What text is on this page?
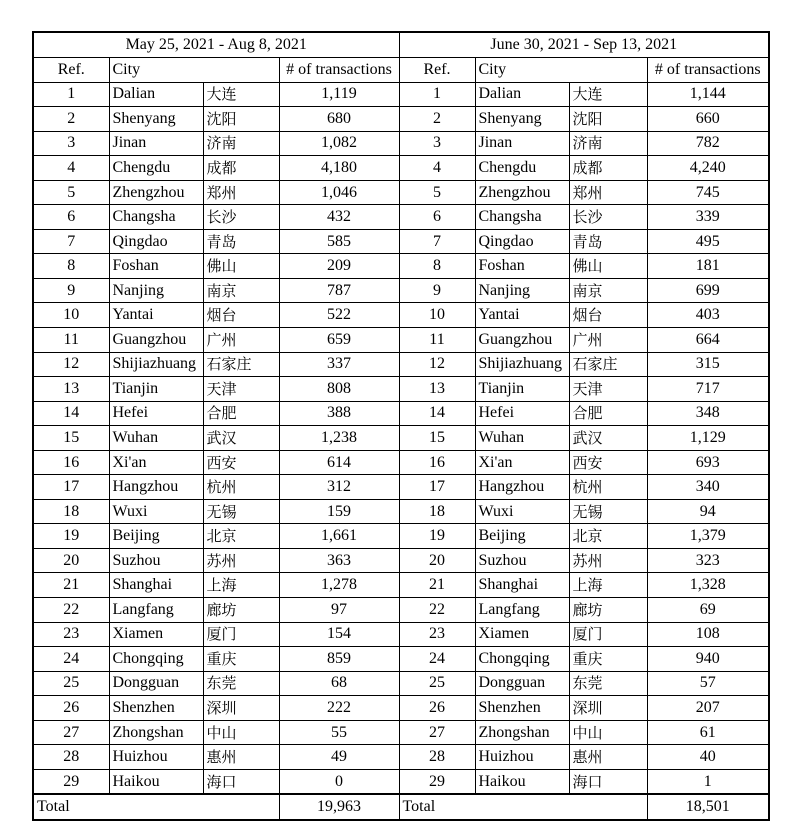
May 25, 2021 - Aug 8, 2021				June 30, 2021 - Sep 13, 2021			
Ref.	City		# of transactions	Ref.	City		# of transactions
1	Dalian	大连	1,119	1	Dalian	大连	1,144
2	Shenyang	沈阳	680	2	Shenyang	沈阳	660
3	Jinan	济南	1,082	3	Jinan	济南	782
4	Chengdu	成都	4,180	4	Chengdu	成都	4,240
5	Zhengzhou	郑州	1,046	5	Zhengzhou	郑州	745
6	Changsha	长沙	432	6	Changsha	长沙	339
7	Qingdao	青岛	585	7	Qingdao	青岛	495
8	Foshan	佛山	209	8	Foshan	佛山	181
9	Nanjing	南京	787	9	Nanjing	南京	699
10	Yantai	烟台	522	10	Yantai	烟台	403
11	Guangzhou	广州	659	11	Guangzhou	广州	664
12	Shijiazhuang	石家庄	337	12	Shijiazhuang	石家庄	315
13	Tianjin	天津	808	13	Tianjin	天津	717
14	Hefei	合肥	388	14	Hefei	合肥	348
15	Wuhan	武汉	1,238	15	Wuhan	武汉	1,129
16	Xi'an	西安	614	16	Xi'an	西安	693
17	Hangzhou	杭州	312	17	Hangzhou	杭州	340
18	Wuxi	无锡	159	18	Wuxi	无锡	94
19	Beijing	北京	1,661	19	Beijing	北京	1,379
20	Suzhou	苏州	363	20	Suzhou	苏州	323
21	Shanghai	上海	1,278	21	Shanghai	上海	1,328
22	Langfang	廊坊	97	22	Langfang	廊坊	69
23	Xiamen	厦门	154	23	Xiamen	厦门	108
24	Chongqing	重庆	859	24	Chongqing	重庆	940
25	Dongguan	东莞	68	25	Dongguan	东莞	57
26	Shenzhen	深圳	222	26	Shenzhen	深圳	207
27	Zhongshan	中山	55	27	Zhongshan	中山	61
28	Huizhou	惠州	49	28	Huizhou	惠州	40
29	Haikou	海口	0	29	Haikou	海口	1
Total			19,963	Total			18,501
